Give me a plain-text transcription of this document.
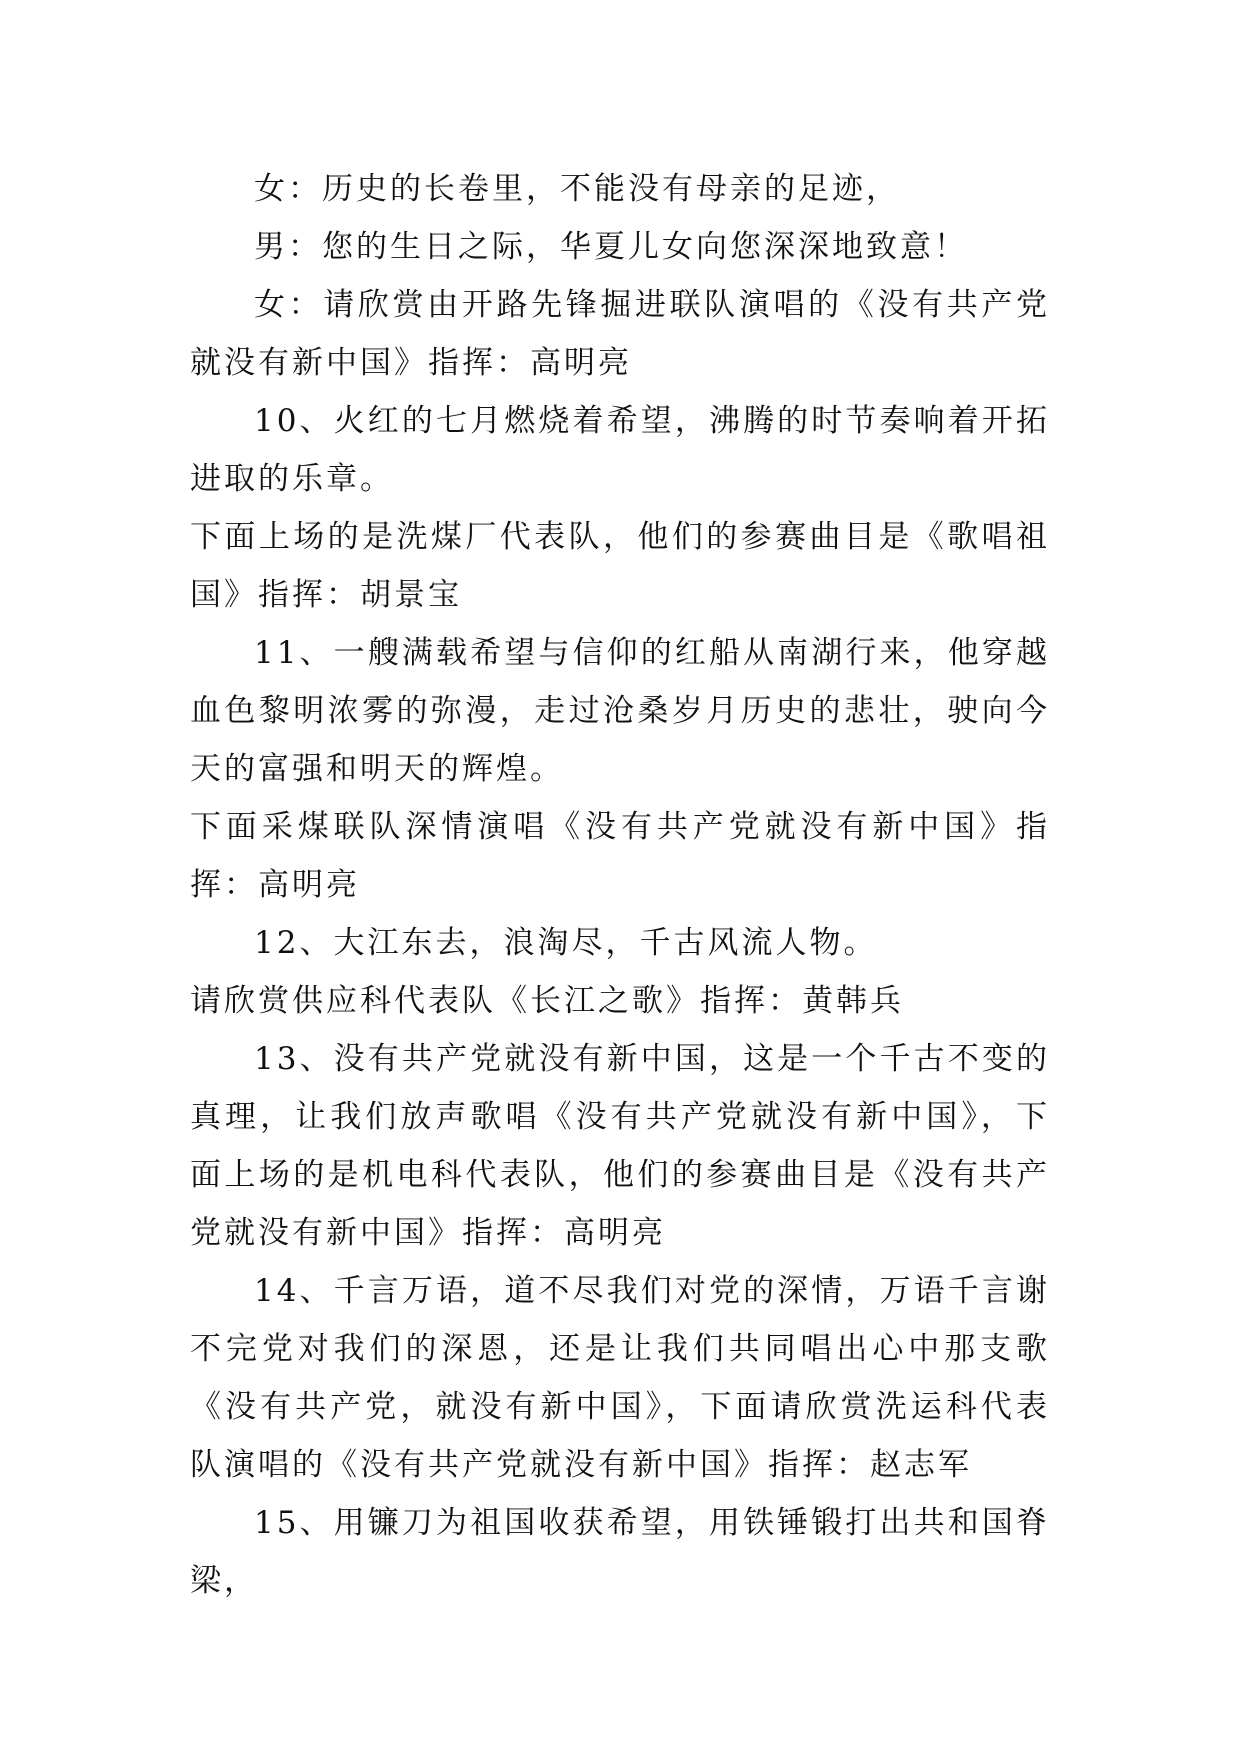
女：历史的长卷里，不能没有母亲的足迹，

男：您的生日之际，华夏儿女向您深深地致意！

女：请欣赏由开路先锋掘进联队演唱的《没有共产党就没有新中国》指挥：高明亮

10、火红的七月燃烧着希望，沸腾的时节奏响着开拓进取的乐章。

下面上场的是洗煤厂代表队，他们的参赛曲目是《歌唱祖国》指挥：胡景宝

11、一艘满载希望与信仰的红船从南湖行来，他穿越血色黎明浓雾的弥漫，走过沧桑岁月历史的悲壮，驶向今天的富强和明天的辉煌。

下面采煤联队深情演唱《没有共产党就没有新中国》指挥：高明亮

12、大江东去，浪淘尽，千古风流人物。

请欣赏供应科代表队《长江之歌》指挥：黄韩兵

13、没有共产党就没有新中国，这是一个千古不变的真理，让我们放声歌唱《没有共产党就没有新中国》，下面上场的是机电科代表队，他们的参赛曲目是《没有共产党就没有新中国》指挥：高明亮

14、千言万语，道不尽我们对党的深情，万语千言谢不完党对我们的深恩，还是让我们共同唱出心中那支歌《没有共产党，就没有新中国》，下面请欣赏洗运科代表队演唱的《没有共产党就没有新中国》指挥：赵志军

15、用镰刀为祖国收获希望，用铁锤锻打出共和国脊梁，
